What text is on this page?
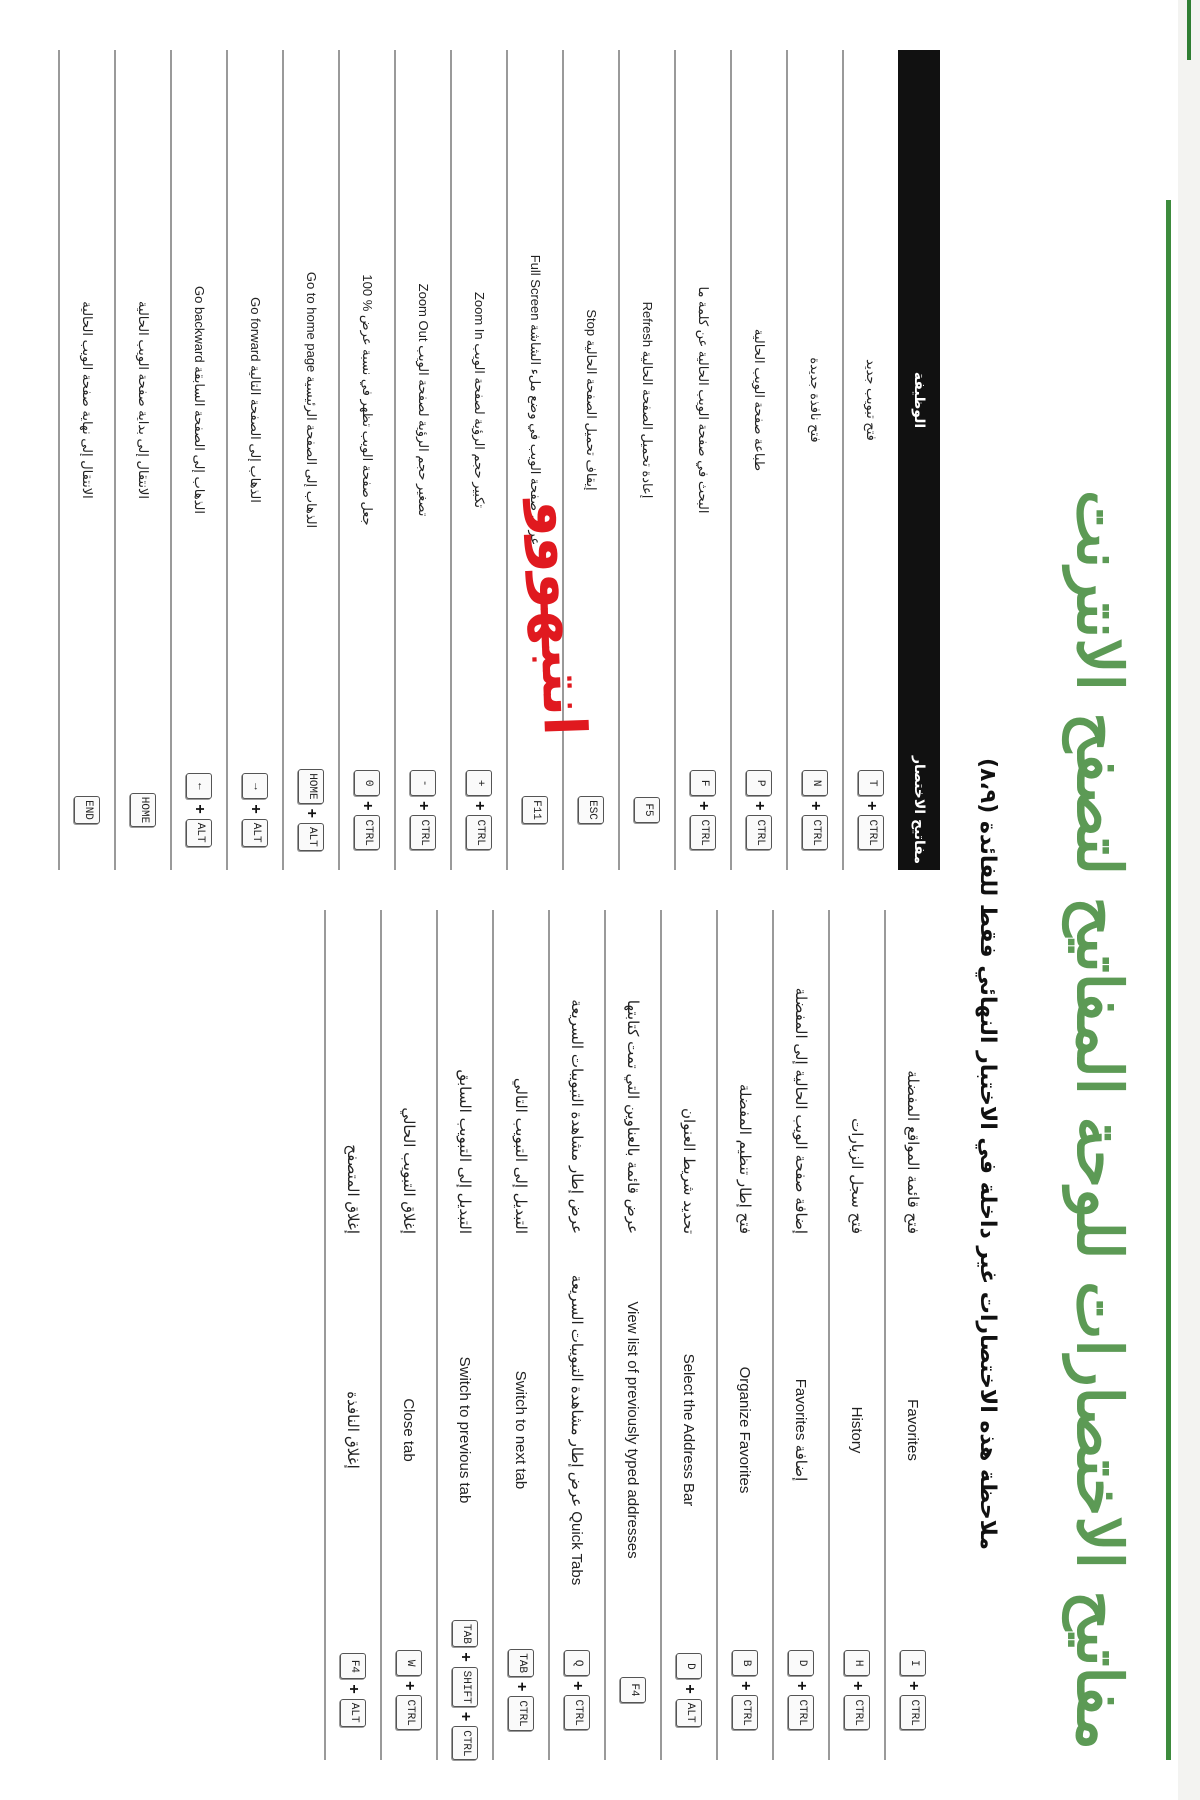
مفاتيح الاختصارات للوحة المفاتيح لتصفح الانترنت
ملاحظة هذه الاختصارات غير داخلة في الاختبار النهائي فقط للفائدة (٨،٩)
CTRL
+
I
Favorites
فتح قائمة المواقع المفضلة
CTRL
+
H
History
فتح سجل الزيارات
CTRL
+
D
Favorites إضافة
إضافة صفحة الويب الحالية إلى المفضلة
CTRL
+
B
Organize Favorites
فتح إطار تنظيم المفضلة
ALT
+
D
Select the Address Bar
تحديد شريط العنوان
F4
View list of previously typed addresses
عرض قائمة بالعناوين التي تمت كتابتها
CTRL
+
Q
عرض إطار مشاهدة التبويبات السريعة Quick Tabs
عرض إطار مشاهدة التبويبات السريعة
CTRL
+
TAB
Switch to next tab
التبديل إلى التبويب التالي
CTRL
+
SHIFT
+
TAB
Switch to previous tab
التبديل إلى التبويب السابق
CTRL
+
W
Close tab
إغلاق التبويب الحالي
ALT
+
F4
إغلاق النافذة
إغلاق المتصفح
مفاتيح الاختصار
الوظيفة
CTRL
+
T
فتح تبويب جديد
CTRL
+
N
فتح نافذة جديدة
CTRL
+
P
طباعة صفحة الويب الحالية
CTRL
+
F
البحث في صفحة الويب الحالية عن كلمة ما
F5
Refresh إعادة تحميل الصفحة الحالية
ESC
Stop إيقاف تحميل الصفحة الحالية
F11
Full Screen عرض صفحة الويب في وضع ملء الشاشة
CTRL
+
+
Zoom In تكبير حجم الرؤية لصفحة الويب
CTRL
+
-
Zoom Out تصغير حجم الرؤية لصفحة الويب
CTRL
+
0
100 % جعل صفحة الويب تظهر في نسبة عرض
ALT
+
HOME
Go to home page الذهاب إلى الصفحة الرئيسية
ALT
+
→
Go forward الذهاب إلى الصفحة التالية
ALT
+
←
Go backward الذهاب إلى الصفحة السابقة
HOME
الانتقال إلى بداية صفحة الويب الحالية
END
الانتقال إلى نهاية صفحة الويب الحالية
انتبهووو
